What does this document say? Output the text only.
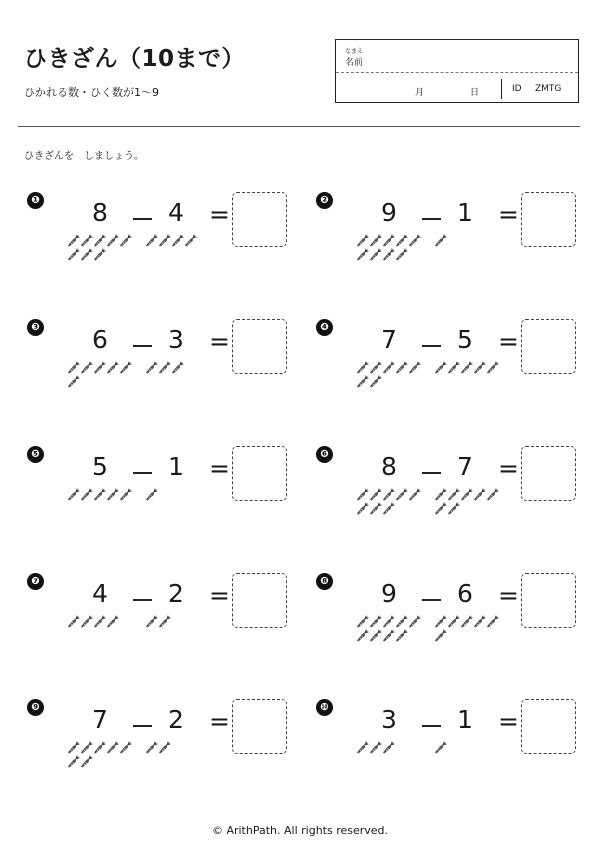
ひきざん（10まで）
ひかれる数・ひく数が1〜9
なまえ
名前
月	日	ID ZMTG
ひきざんを　しましょう。
❶ 8 4 =	❷ 9 1 =
❸ 6 3 =	❹ 7 5 =
❺ 5 1 =	❻ 8 7 =
❼ 4 2 =	❽ 9 6 =
❾ 7 2 =	❿ 3 1 =
© ArithPath. All rights reserved.
